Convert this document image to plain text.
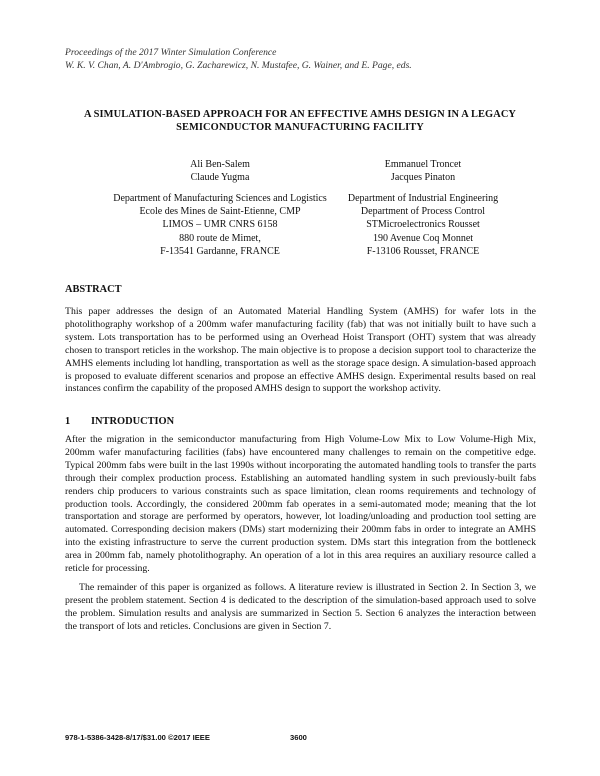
Proceedings of the 2017 Winter Simulation Conference
W. K. V. Chan, A. D'Ambrogio, G. Zacharewicz, N. Mustafee, G. Wainer, and E. Page, eds.
A SIMULATION-BASED APPROACH FOR AN EFFECTIVE AMHS DESIGN IN A LEGACY
SEMICONDUCTOR MANUFACTURING FACILITY
Ali Ben-Salem
Claude Yugma
Emmanuel Troncet
Jacques Pinaton
Department of Manufacturing Sciences and Logistics
Ecole des Mines de Saint-Etienne, CMP
LIMOS – UMR CNRS 6158
880 route de Mimet,
F-13541 Gardanne, FRANCE
Department of Industrial Engineering
Department of Process Control
STMicroelectronics Rousset
190 Avenue Coq Monnet
F-13106 Rousset, FRANCE
ABSTRACT
This paper addresses the design of an Automated Material Handling System (AMHS) for wafer lots in the photolithography workshop of a 200mm wafer manufacturing facility (fab) that was not initially built to have such a system. Lots transportation has to be performed using an Overhead Hoist Transport (OHT) system that was already chosen to transport reticles in the workshop. The main objective is to propose a decision support tool to characterize the AMHS elements including lot handling, transportation as well as the storage space design. A simulation-based approach is proposed to evaluate different scenarios and propose an effective AMHS design. Experimental results based on real instances confirm the capability of the proposed AMHS design to support the workshop activity.
1 INTRODUCTION
After the migration in the semiconductor manufacturing from High Volume-Low Mix to Low Volume-High Mix, 200mm wafer manufacturing facilities (fabs) have encountered many challenges to remain on the competitive edge. Typical 200mm fabs were built in the last 1990s without incorporating the automated handling tools to transfer the parts through their complex production process. Establishing an automated handling system in such previously-built fabs renders chip producers to various constraints such as space limitation, clean rooms requirements and technology of production tools. Accordingly, the considered 200mm fab operates in a semi-automated mode; meaning that the lot transportation and storage are performed by operators, however, lot loading/unloading and production tool setting are automated. Corresponding decision makers (DMs) start modernizing their 200mm fabs in order to integrate an AMHS into the existing infrastructure to serve the current production system. DMs start this integration from the bottleneck area in 200mm fab, namely photolithography. An operation of a lot in this area requires an auxiliary resource called a reticle for processing.
The remainder of this paper is organized as follows. A literature review is illustrated in Section 2. In Section 3, we present the problem statement. Section 4 is dedicated to the description of the simulation-based approach used to solve the problem. Simulation results and analysis are summarized in Section 5. Section 6 analyzes the interaction between the transport of lots and reticles. Conclusions are given in Section 7.
978-1-5386-3428-8/17/$31.00 ©2017 IEEE	3600
